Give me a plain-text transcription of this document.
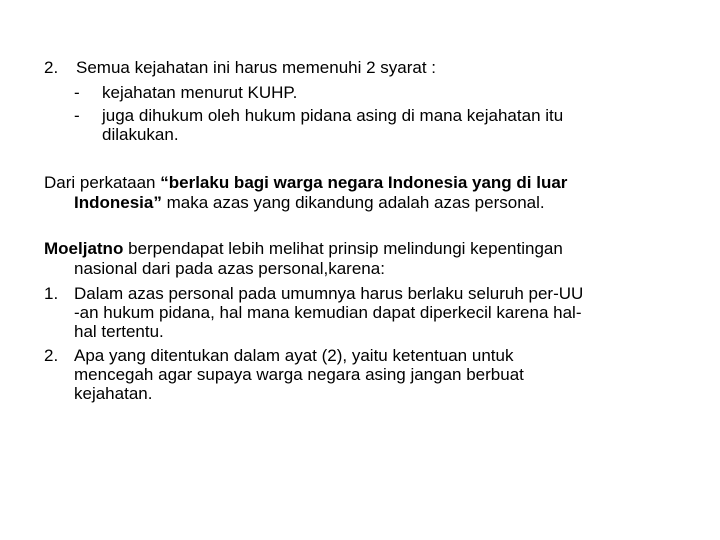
2. Semua kejahatan ini harus memenuhi 2 syarat :
- kejahatan menurut KUHP.
- juga dihukum oleh hukum pidana asing di mana kejahatan itu
dilakukan.
Dari perkataan “berlaku bagi warga negara Indonesia yang di luar
Indonesia” maka azas yang dikandung adalah azas personal.
Moeljatno berpendapat lebih melihat prinsip melindungi kepentingan
nasional dari pada azas personal,karena:
1. Dalam azas personal pada umumnya harus berlaku seluruh per-UU
-an hukum pidana, hal mana kemudian dapat diperkecil karena hal-
hal tertentu.
2. Apa yang ditentukan dalam ayat (2), yaitu ketentuan untuk
mencegah agar supaya warga negara asing jangan berbuat
kejahatan.
